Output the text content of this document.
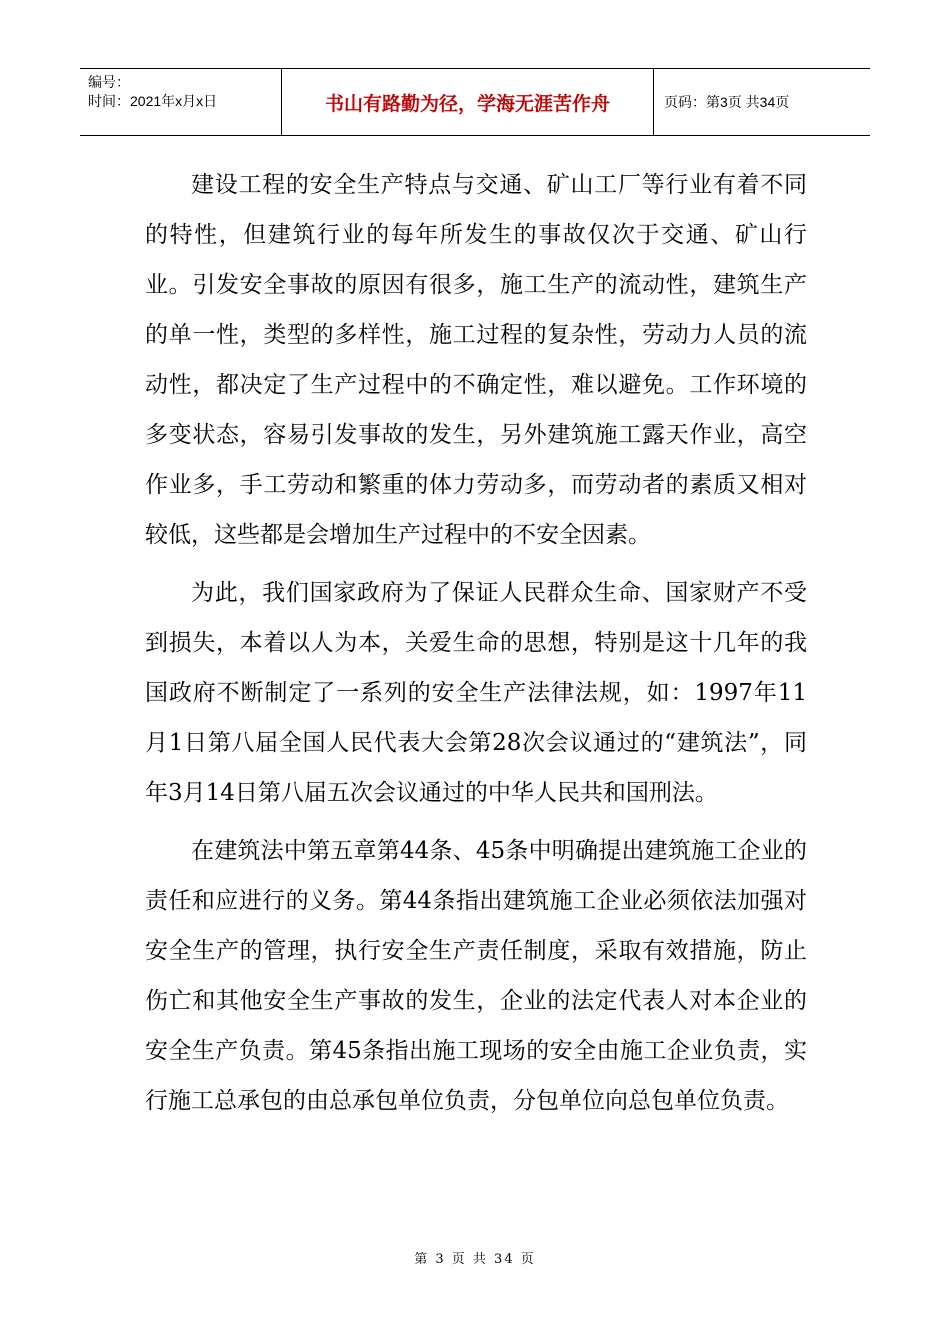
编号：
时间：2021年x月x日	书山有路勤为径，学海无涯苦作舟	页码：第3页 共34页

建设工程的安全生产特点与交通、矿山工厂等行业有着不同的特性，但建筑行业的每年所发生的事故仅次于交通、矿山行业。引发安全事故的原因有很多，施工生产的流动性，建筑生产的单一性，类型的多样性，施工过程的复杂性，劳动力人员的流动性，都决定了生产过程中的不确定性，难以避免。工作环境的多变状态，容易引发事故的发生，另外建筑施工露天作业，高空作业多，手工劳动和繁重的体力劳动多，而劳动者的素质又相对较低，这些都是会增加生产过程中的不安全因素。

为此，我们国家政府为了保证人民群众生命、国家财产不受到损失，本着以人为本，关爱生命的思想，特别是这十几年的我国政府不断制定了一系列的安全生产法律法规，如：1997年11月1日第八届全国人民代表大会第28次会议通过的“建筑法”，同年3月14日第八届五次会议通过的中华人民共和国刑法。

在建筑法中第五章第44条、45条中明确提出建筑施工企业的责任和应进行的义务。第44条指出建筑施工企业必须依法加强对安全生产的管理，执行安全生产责任制度，采取有效措施，防止伤亡和其他安全生产事故的发生，企业的法定代表人对本企业的安全生产负责。第45条指出施工现场的安全由施工企业负责，实行施工总承包的由总承包单位负责，分包单位向总包单位负责。

第 3 页 共 34 页
